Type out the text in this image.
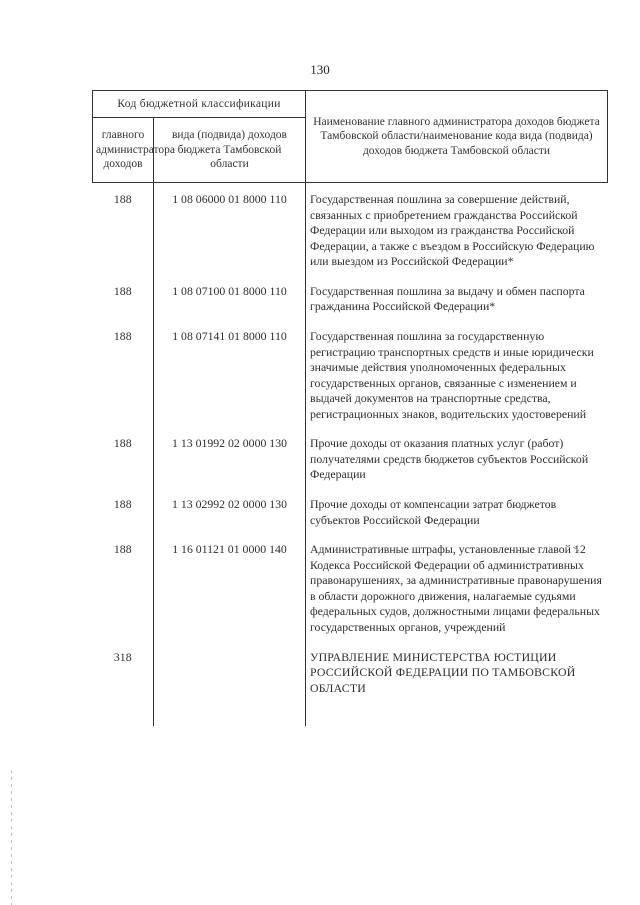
130
Код бюджетной классификации		Наименование главного администратора доходов бюджета Тамбовской области/наименование кода вида (подвида) доходов бюджета Тамбовской области
главного администратора доходов	вида (подвида) доходов бюджета Тамбовской области	
188	1 08 06000 01 8000 110	Государственная пошлина за совершение действий, связанных с приобретением гражданства Российской Федерации или выходом из гражданства Российской Федерации, а также с въездом в Российскую Федерацию или выездом из Российской Федерации*
188	1 08 07100 01 8000 110	Государственная пошлина за выдачу и обмен паспорта гражданина Российской Федерации*
188	1 08 07141 01 8000 110	Государственная пошлина за государственную регистрацию транспортных средств и иные юридически значимые действия уполномоченных федеральных государственных органов, связанные с изменением и выдачей документов на транспортные средства, регистрационных знаков, водительских удостоверений
188	1 13 01992 02 0000 130	Прочие доходы от оказания платных услуг (работ) получателями средств бюджетов субъектов Российской Федерации
188	1 13 02992 02 0000 130	Прочие доходы от компенсации затрат бюджетов субъектов Российской Федерации
188	1 16 01121 01 0000 140	Административные штрафы, установленные главой 12 Кодекса Российской Федерации об административных правонарушениях, за административные правонарушения в области дорожного движения, налагаемые судьями федеральных судов, должностными лицами федеральных государственных органов, учреждений
318		УПРАВЛЕНИЕ МИНИСТЕРСТВА ЮСТИЦИИ РОССИЙСКОЙ ФЕДЕРАЦИИ ПО ТАМБОВСКОЙ ОБЛАСТИ
